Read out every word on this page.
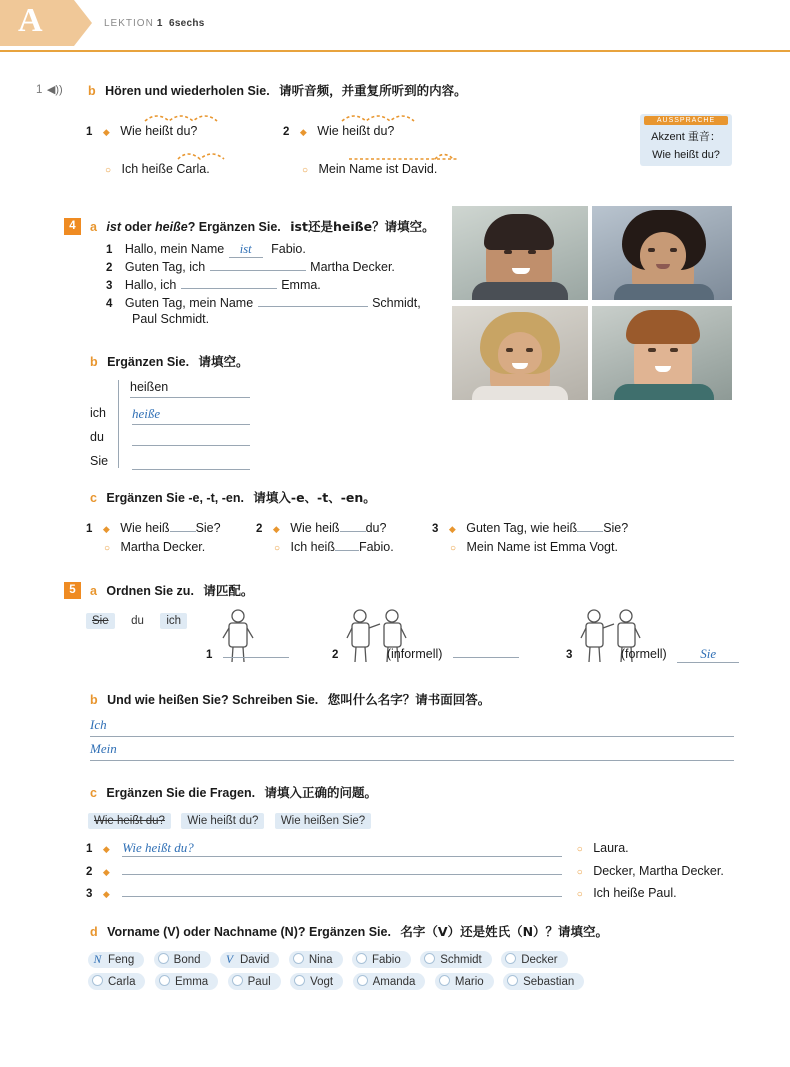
A	LEKTION 1 6sechs
1 ◀)) b Hören und wiederholen Sie. 请听音频，并重复所听到的内容。
1 ◆ Wie heißt du?
○ Ich heiße Carla.
2 ◆ Wie heißt du?
○ Mein Name ist David.
Akzent 重音：
Wie heißt du?
AUSSPRACHE
4	a ist oder heiße? Ergänzen Sie. ist还是heiße？请填空。
1 Hallo, mein Name ist Fabio.
2 Guten Tag, ich	Martha Decker.
3 Hallo, ich	Emma.
4 Guten Tag, mein Name	Schmidt,
Paul Schmidt.
b Ergänzen Sie. 请填空。
heißen
ich heiße
du
Sie
c Ergänzen Sie -e, -t, -en. 请填入-e、-t、-en。
1 ◆ Wie heiß Sie?
○ Martha Decker.
2 ◆ Wie heiß du?
○ Ich heiß Fabio.
3 ◆ Guten Tag, wie heiß Sie?
○ Mein Name ist Emma Vogt.
5	a Ordnen Sie zu. 请匹配。
Sie du ich
1	2	(informell)	3	(formell)	Sie
b Und wie heißen Sie? Schreiben Sie. 您叫什么名字？请书面回答。
Ich
Mein
c Ergänzen Sie die Fragen. 请填入正确的问题。
Wie heißt du? Wie heißt du? Wie heißen Sie?
1 ◆ Wie heißt du?	○ Laura.
2 ◆	○ Decker, Martha Decker.
3 ◆	○ Ich heiße Paul.
d Vorname (V) oder Nachname (N)? Ergänzen Sie. 名字（V）还是姓氏（N）？请填空。
N Feng	Bond V David	Nina	Fabio	Schmidt	Decker
Carla	Emma	Paul	Vogt	Amanda	Mario	Sebastian
